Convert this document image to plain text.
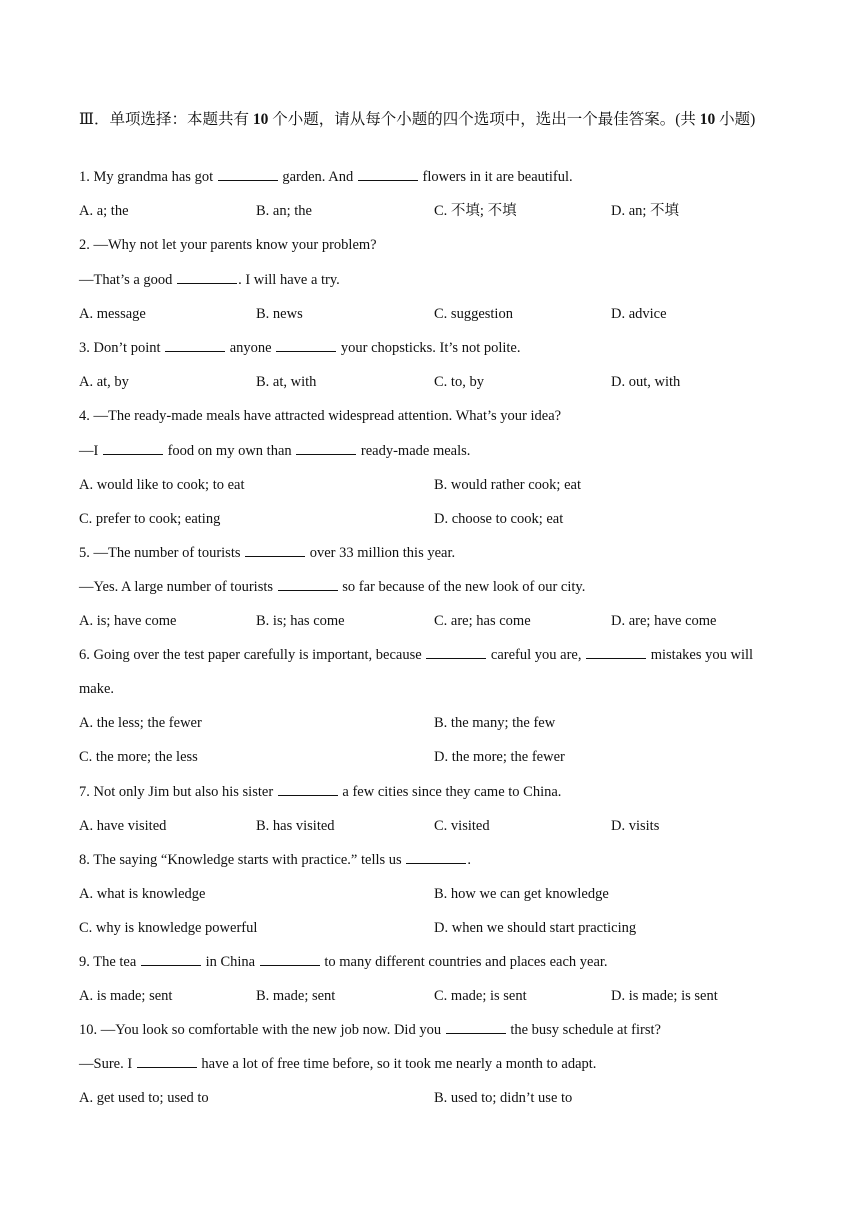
Ⅲ．单项选择：本题共有 10 个小题，请从每个小题的四个选项中，选出一个最佳答案。(共 10 小题)
1. My grandma has got	garden. And	flowers in it are beautiful.
A. a; the	B. an; the	C. 不填; 不填	D. an; 不填
2. —Why not let your parents know your problem?
—That’s a good	. I will have a try.
A. message	B. news	C. suggestion	D. advice
3. Don’t point	anyone	your chopsticks. It’s not polite.
A. at, by	B. at, with	C. to, by	D. out, with
4. —The ready-made meals have attracted widespread attention. What’s your idea?
—I	food on my own than	ready-made meals.
A. would like to cook; to eat	B. would rather cook; eat
C. prefer to cook; eating	D. choose to cook; eat
5. —The number of tourists	over 33 million this year.
—Yes. A large number of tourists	so far because of the new look of our city.
A. is; have come	B. is; has come	C. are; has come	D. are; have come
6. Going over the test paper carefully is important, because	careful you are,	mistakes you will
make.
A. the less; the fewer	B. the many; the few
C. the more; the less	D. the more; the fewer
7. Not only Jim but also his sister	a few cities since they came to China.
A. have visited	B. has visited	C. visited	D. visits
8. The saying “Knowledge starts with practice.” tells us	.
A. what is knowledge	B. how we can get knowledge
C. why is knowledge powerful	D. when we should start practicing
9. The tea	in China	to many different countries and places each year.
A. is made; sent	B. made; sent	C. made; is sent	D. is made; is sent
10. —You look so comfortable with the new job now. Did you	the busy schedule at first?
—Sure. I	have a lot of free time before, so it took me nearly a month to adapt.
A. get used to; used to	B. used to; didn’t use to
